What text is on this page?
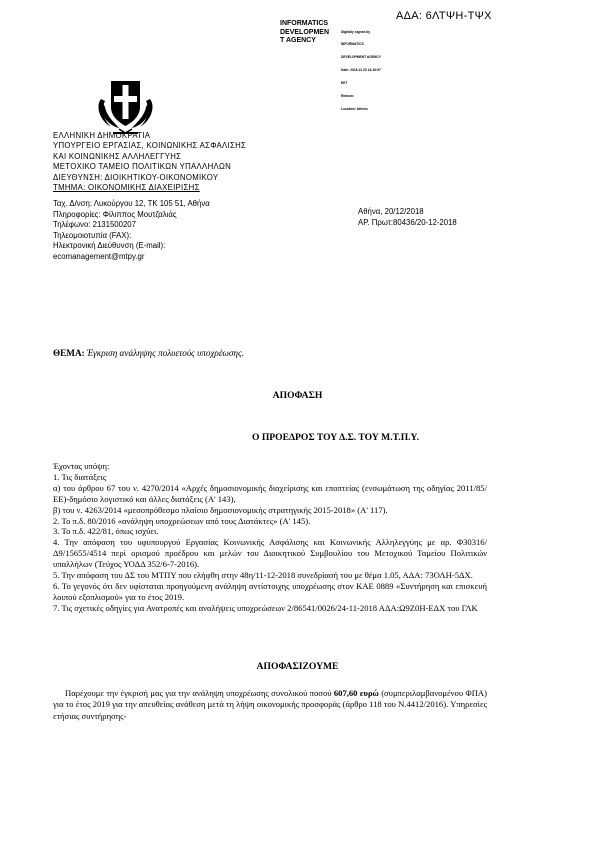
ΑΔΑ: 6ΛΤΨΗ-ΤΨΧ
INFORMATICS
DEVELOPMEN
T AGENCY

Digitally signed by

INFORMATICS

DEVELOPMENT AGENCY

Date: 2018.12.20 14:16:57

EET

Reason:

Location: Athens

ΕΛΛΗΝΙΚΗ ΔΗΜΟΚΡΑΤΙΑ
ΥΠΟΥΡΓΕΙΟ ΕΡΓΑΣΙΑΣ, ΚΟΙΝΩΝΙΚΗΣ ΑΣΦΑΛΙΣΗΣ
ΚΑΙ ΚΟΙΝΩΝΙΚΗΣ ΑΛΛΗΛΕΓΓΥΗΣ
ΜΕΤΟΧΙΚΟ ΤΑΜΕΙΟ ΠΟΛΙΤΙΚΩΝ ΥΠΑΛΛΗΛΩΝ
ΔΙΕΥΘΥΝΣΗ: ΔΙΟΙΚΗΤΙΚΟΥ-ΟΙΚΟΝΟΜΙΚΟΥ
ΤΜΗΜΑ: ΟΙΚΟΝΟΜΙΚΗΣ ΔΙΑΧΕΙΡΙΣΗΣ
Ταχ. Δ/νση: Λυκούργου 12, ΤΚ 105 51, Αθήνα
Πληροφορίες: Φίλιππος Μουτζαλιάς
Τηλέφωνο: 2131500207
Τηλεομοιοτυπία (FAX):
Ηλεκτρονική Διεύθυνση (E-mail):
ecomanagement@mtpy.gr
Αθήνα, 20/12/2018
ΑΡ. Πρωτ:80436/20-12-2018
ΘΕΜΑ: Έγκριση ανάληψης πολυετούς υποχρέωσης.
ΑΠΟΦΑΣΗ
Ο ΠΡΟΕΔΡΟΣ ΤΟΥ Δ.Σ. ΤΟΥ Μ.Τ.Π.Υ.

Έχοντας υπόψη:

1. Τις διατάξεις

α) του άρθρου 67 του ν. 4270/2014 «Αρχές δημοσιονομικής διαχείρισης και εποπτείας (ενσωμάτωση της οδηγίας 2011/85/ΕΕ)-δημόσιο λογιστικό και άλλες διατάξεις (Α' 143),

β) του ν. 4263/2014 «μεσοπρόθεσμο πλαίσιο δημοσιονομικής στρατηγικής 2015-2018» (Α' 117).

2. Το π.δ. 80/2016 «ανάληψη υποχρεώσεων από τους Διατάκτες» (Α' 145).

3. Το π.δ. 422/81, όπως ισχύει.

4. Την απόφαση του υφυπουργού Εργασίας Κοινωνικής Ασφάλισης και Κοινωνικής Αλληλεγγύης με αρ. Φ30316/Δ9/15655/4514 περί ορισμού προέδρου και μελών του Διοικητικού Συμβουλίου του Μετοχικού Ταμείου Πολιτικών υπαλλήλων (Τεύχος ΥΟΔΔ 352/6-7-2016).

5. Την απόφαση του ΔΣ του ΜΤΠΥ που ελήφθη στην 48η/11-12-2018 συνεδρίασή του με θέμα 1.05, ΑΔΑ: 73ΟΛΗ-5ΔΧ.

6. Το γεγονός ότι δεν υφίσταται προηγούμενη ανάληψη αντίστοιχης υποχρέωσης στον ΚΑΕ 0889 «Συντήρηση και επισκευή λοιπού εξοπλισμού» για το έτος 2019.

7. Τις σχετικές οδηγίες για Ανατροπές και αναλήψεις υποχρεώσεων 2/86541/0026/24-11-2018 ΑΔΑ:Ω9Ζ0Η-ΕΔΧ του ΓΛΚ

ΑΠΟΦΑΣΙΖΟΥΜΕ
Παρέχουμε την έγκρισή μας για την ανάληψη υποχρέωσης συνολικού ποσού 607,60 ευρώ (συμπεριλαμβανομένου ΦΠΑ) για το έτος 2019 για την απευθείας ανάθεση μετά τη λήψη οικονομικής προσφοράς (άρθρο 118 του Ν.4412/2016). Υπηρεσίες ετήσιας συντήρησης-
